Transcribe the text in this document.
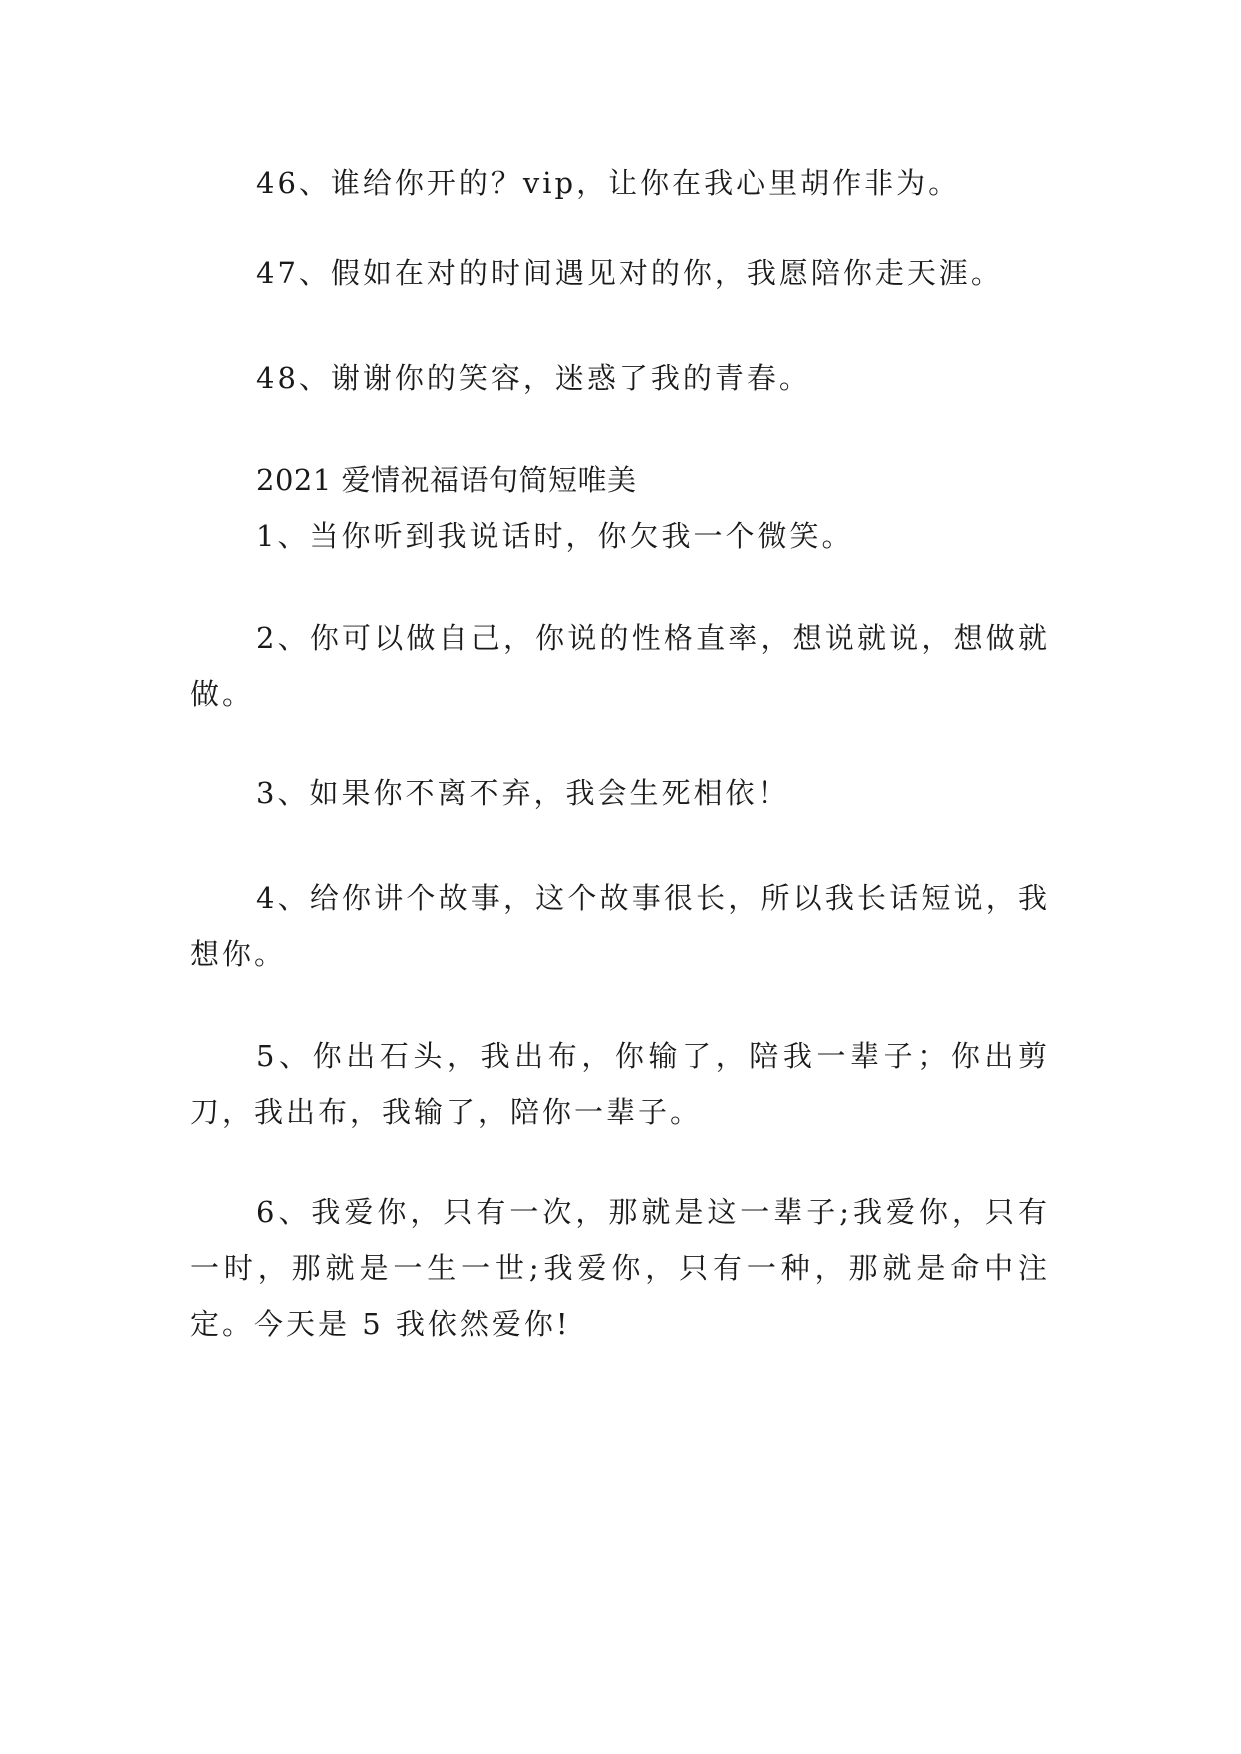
46、谁给你开的？vip，让你在我心里胡作非为。

47、假如在对的时间遇见对的你，我愿陪你走天涯。

48、谢谢你的笑容，迷惑了我的青春。

2021 爱情祝福语句简短唯美

1、当你听到我说话时，你欠我一个微笑。

2、你可以做自己，你说的性格直率，想说就说，想做就做。

3、如果你不离不弃，我会生死相依！

4、给你讲个故事，这个故事很长，所以我长话短说，我想你。

5、你出石头，我出布，你输了，陪我一辈子；你出剪刀，我出布，我输了，陪你一辈子。

6、我爱你，只有一次，那就是这一辈子;我爱你，只有一时，那就是一生一世;我爱你，只有一种，那就是命中注定。今天是 5 我依然爱你!
